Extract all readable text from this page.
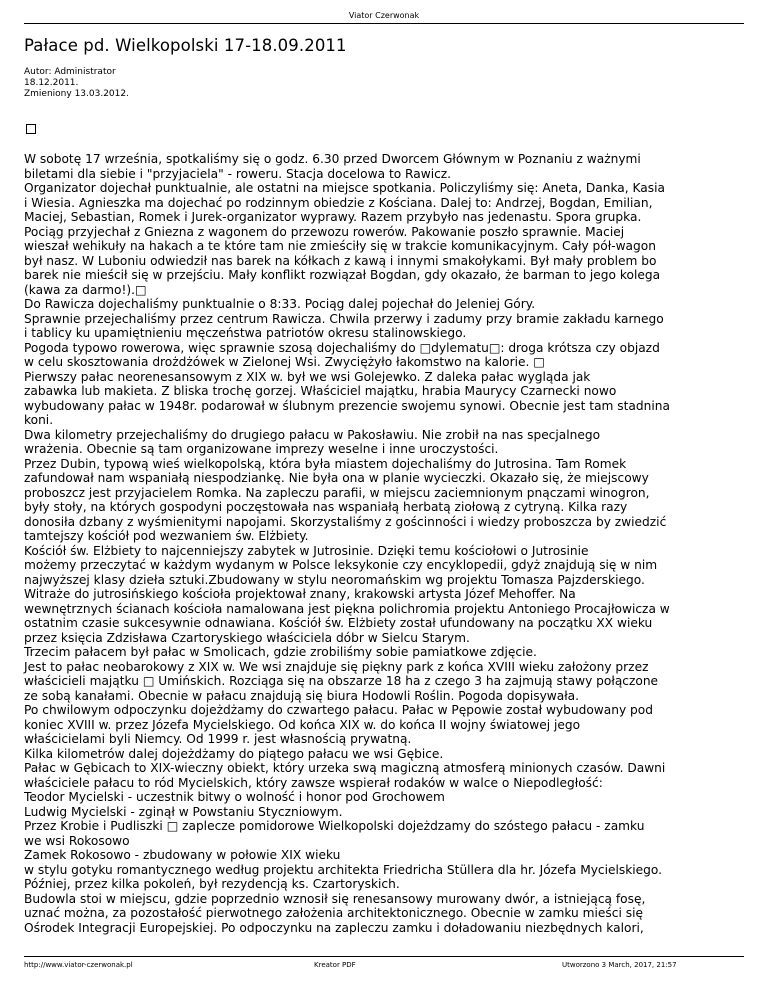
Viator Czerwonak
Pałace pd. Wielkopolski 17-18.09.2011
Autor: Administrator
18.12.2011.
Zmieniony 13.03.2012.
W sobotę 17 września, spotkaliśmy się o godz. 6.30 przed Dworcem Głównym w Poznaniu z ważnymi
biletami dla siebie i "przyjaciela" - roweru. Stacja docelowa to Rawicz.
Organizator dojechał punktualnie, ale ostatni na miejsce spotkania. Policzyliśmy się: Aneta, Danka, Kasia
i Wiesia. Agnieszka ma dojechać po rodzinnym obiedzie z Kościana. Dalej to: Andrzej, Bogdan, Emilian,
Maciej, Sebastian, Romek i Jurek-organizator wyprawy. Razem przybyło nas jedenastu. Spora grupka.
Pociąg przyjechał z Gniezna z wagonem do przewozu rowerów. Pakowanie poszło sprawnie. Maciej
wieszał wehikuły na hakach a te które tam nie zmieściły się w trakcie komunikacyjnym. Cały pół-wagon
był nasz. W Luboniu odwiedził nas barek na kółkach z kawą i innymi smakołykami. Był mały problem bo
barek nie mieścił się w przejściu. Mały konflikt rozwiązał Bogdan, gdy okazało, że barman to jego kolega
(kawa za darmo!).□
Do Rawicza dojechaliśmy punktualnie o 8:33. Pociąg dalej pojechał do Jeleniej Góry.
Sprawnie przejechaliśmy przez centrum Rawicza. Chwila przerwy i zadumy przy bramie zakładu karnego
i tablicy ku upamiętnieniu męczeństwa patriotów okresu stalinowskiego.
Pogoda typowo rowerowa, więc sprawnie szosą dojechaliśmy do □dylematu□: droga krótsza czy objazd
w celu skosztowania drożdżówek w Zielonej Wsi. Zwyciężyło łakomstwo na kalorie. □
Pierwszy pałac neorenesansowym z XIX w. był we wsi Golejewko. Z daleka pałac wygląda jak
zabawka lub makieta. Z bliska trochę gorzej. Właściciel majątku, hrabia Maurycy Czarnecki nowo
wybudowany pałac w 1948r. podarował w ślubnym prezencie swojemu synowi. Obecnie jest tam stadnina
koni.
Dwa kilometry przejechaliśmy do drugiego pałacu w Pakosławiu. Nie zrobił na nas specjalnego
wrażenia. Obecnie są tam organizowane imprezy weselne i inne uroczystości.
Przez Dubin, typową wieś wielkopolską, która była miastem dojechaliśmy do Jutrosina. Tam Romek
zafundował nam wspaniałą niespodziankę. Nie była ona w planie wycieczki. Okazało się, że miejscowy
proboszcz jest przyjacielem Romka. Na zapleczu parafii, w miejscu zaciemnionym pnączami winogron,
były stoły, na których gospodyni poczęstowała nas wspaniałą herbatą ziołową z cytryną. Kilka razy
donosiła dzbany z wyśmienitymi napojami. Skorzystaliśmy z gościnności i wiedzy proboszcza by zwiedzić
tamtejszy kościół pod wezwaniem św. Elżbiety.
Kościół św. Elżbiety to najcenniejszy zabytek w Jutrosinie. Dzięki temu kościołowi o Jutrosinie
możemy przeczytać w każdym wydanym w Polsce leksykonie czy encyklopedii, gdyż znajdują się w nim
najwyższej klasy dzieła sztuki.Zbudowany w stylu neoromańskim wg projektu Tomasza Pajzderskiego.
Witraże do jutrosińskiego kościoła projektował znany, krakowski artysta Józef Mehoffer. Na
wewnętrznych ścianach kościoła namalowana jest piękna polichromia projektu Antoniego Procajłowicza w
ostatnim czasie sukcesywnie odnawiana. Kościół św. Elżbiety został ufundowany na początku XX wieku
przez księcia Zdzisława Czartoryskiego właściciela dóbr w Sielcu Starym.
Trzecim pałacem był pałac w Smolicach, gdzie zrobiliśmy sobie pamiatkowe zdjęcie.
Jest to pałac neobarokowy z XIX w. We wsi znajduje się piękny park z końca XVIII wieku założony przez
właścicieli majątku □ Umińskich. Rozciąga się na obszarze 18 ha z czego 3 ha zajmują stawy połączone
ze sobą kanałami. Obecnie w pałacu znajdują się biura Hodowli Roślin. Pogoda dopisywała.
Po chwilowym odpoczynku dojeżdżamy do czwartego pałacu. Pałac w Pępowie został wybudowany pod
koniec XVIII w. przez Józefa Mycielskiego. Od końca XIX w. do końca II wojny światowej jego
właścicielami byli Niemcy. Od 1999 r. jest własnością prywatną.
Kilka kilometrów dalej dojeżdżamy do piątego pałacu we wsi Gębice.
Pałac w Gębicach to XIX-wieczny obiekt, który urzeka swą magiczną atmosferą minionych czasów. Dawni
właściciele pałacu to ród Mycielskich, który zawsze wspierał rodaków w walce o Niepodległość:
Teodor Mycielski - uczestnik bitwy o wolność i honor pod Grochowem
Ludwig Mycielski - zginął w Powstaniu Styczniowym.
Przez Krobie i Pudliszki □ zaplecze pomidorowe Wielkopolski dojeżdzamy do szóstego pałacu - zamku
we wsi Rokosowo
Zamek Rokosowo - zbudowany w połowie XIX wieku
w stylu gotyku romantycznego według projektu architekta Friedricha Stüllera dla hr. Józefa Mycielskiego.
Później, przez kilka pokoleń, był rezydencją ks. Czartoryskich.
Budowla stoi w miejscu, gdzie poprzednio wznosił się renesansowy murowany dwór, a istniejącą fosę,
uznać można, za pozostałość pierwotnego założenia architektonicznego. Obecnie w zamku mieści się
Ośrodek Integracji Europejskiej. Po odpoczynku na zapleczu zamku i doładowaniu niezbędnych kalori,
http://www.viator-czerwonak.pl	Kreator PDF	Utworzono 3 March, 2017, 21:57
